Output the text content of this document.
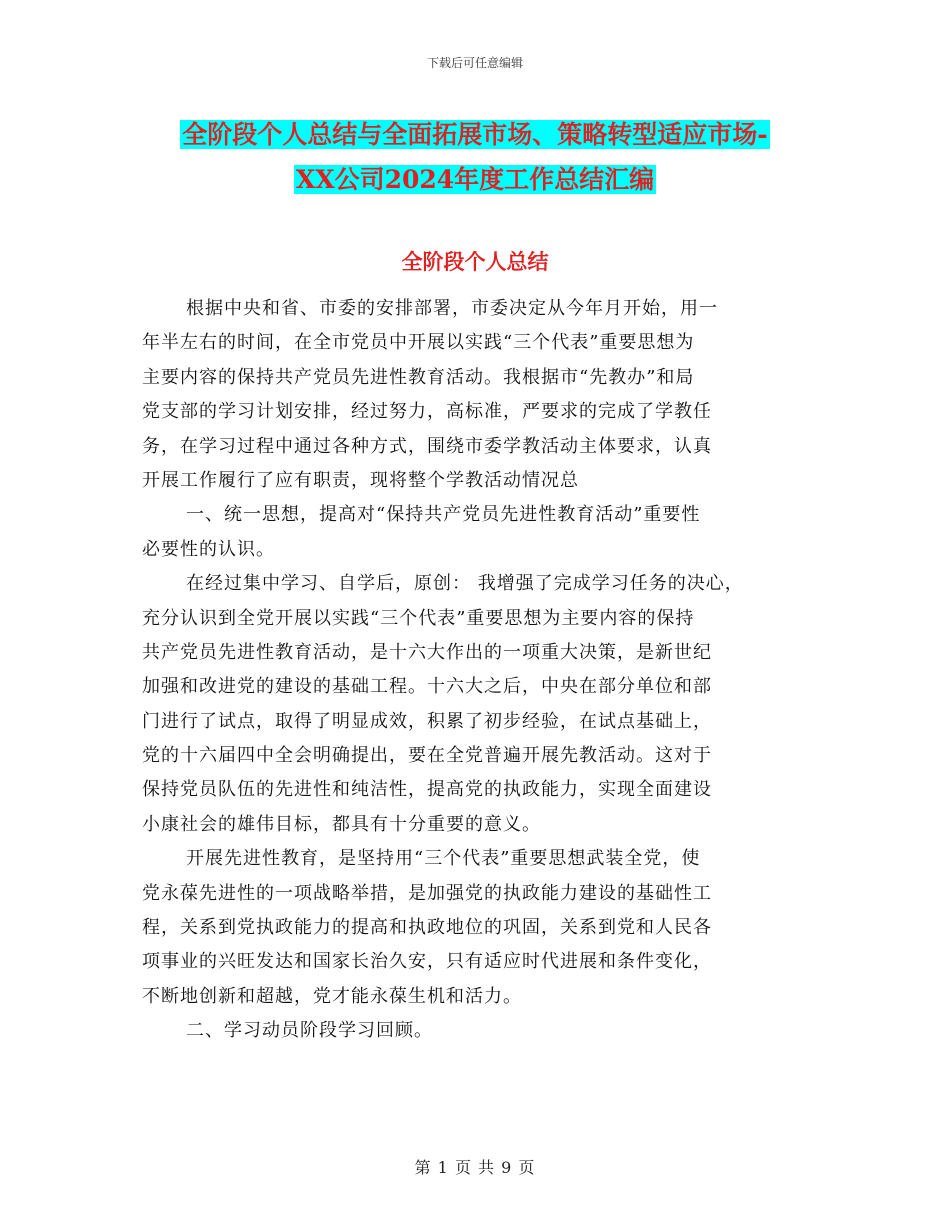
下载后可任意编辑
全阶段个人总结与全面拓展市场、策略转型适应市场-
XX公司2024年度工作总结汇编
全阶段个人总结
根据中央和省、市委的安排部署，市委决定从今年月开始，用一
年半左右的时间，在全市党员中开展以实践“三个代表”重要思想为
主要内容的保持共产党员先进性教育活动。我根据市“先教办”和局
党支部的学习计划安排，经过努力，高标准，严要求的完成了学教任
务，在学习过程中通过各种方式，围绕市委学教活动主体要求，认真
开展工作履行了应有职责，现将整个学教活动情况总
一、统一思想，提高对“保持共产党员先进性教育活动”重要性
必要性的认识。
在经过集中学习、自学后，原创： 我增强了完成学习任务的决心，
充分认识到全党开展以实践“三个代表”重要思想为主要内容的保持
共产党员先进性教育活动，是十六大作出的一项重大决策，是新世纪
加强和改进党的建设的基础工程。十六大之后，中央在部分单位和部
门进行了试点，取得了明显成效，积累了初步经验，在试点基础上，
党的十六届四中全会明确提出，要在全党普遍开展先教活动。这对于
保持党员队伍的先进性和纯洁性，提高党的执政能力，实现全面建设
小康社会的雄伟目标，都具有十分重要的意义。
开展先进性教育，是坚持用“三个代表”重要思想武装全党，使
党永葆先进性的一项战略举措，是加强党的执政能力建设的基础性工
程，关系到党执政能力的提高和执政地位的巩固，关系到党和人民各
项事业的兴旺发达和国家长治久安，只有适应时代进展和条件变化，
不断地创新和超越，党才能永葆生机和活力。
二、学习动员阶段学习回顾。
第 1 页 共 9 页
